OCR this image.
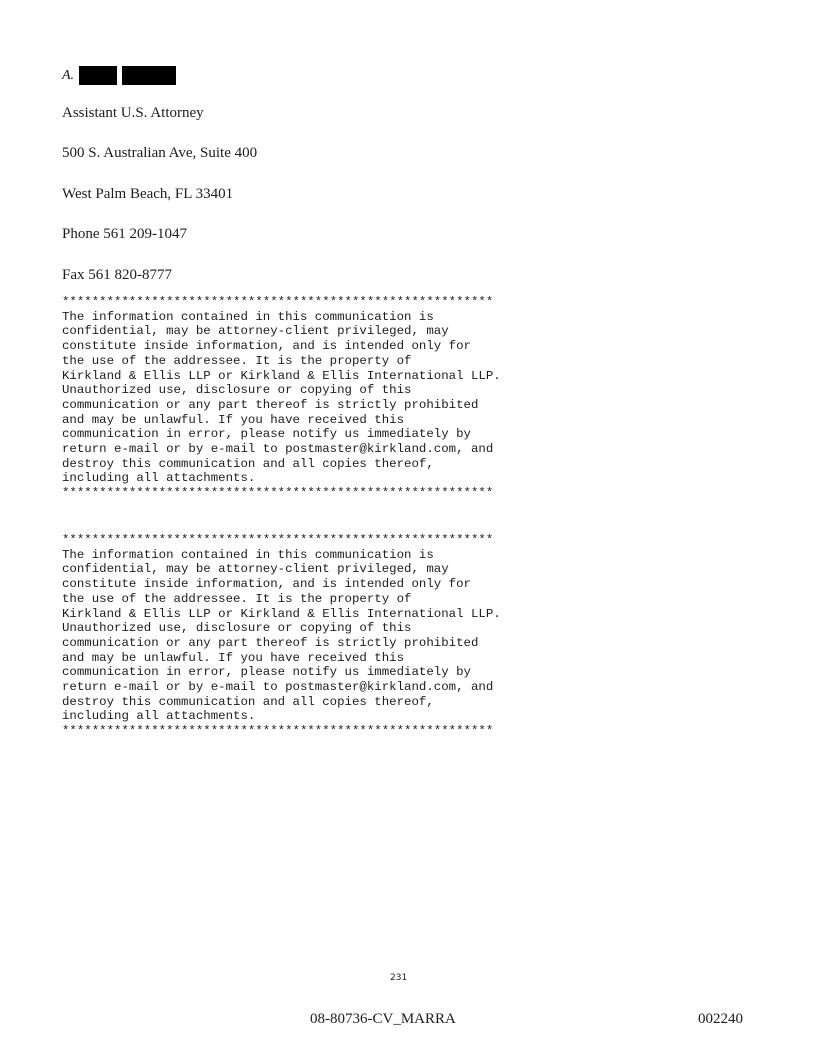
A.
Assistant U.S. Attorney
500 S. Australian Ave, Suite 400
West Palm Beach, FL 33401
Phone 561 209-1047
Fax 561 820-8777
**********************************************************
The information contained in this communication is
confidential, may be attorney-client privileged, may
constitute inside information, and is intended only for
the use of the addressee. It is the property of
Kirkland & Ellis LLP or Kirkland & Ellis International LLP.
Unauthorized use, disclosure or copying of this
communication or any part thereof is strictly prohibited
and may be unlawful. If you have received this
communication in error, please notify us immediately by
return e-mail or by e-mail to postmaster@kirkland.com, and
destroy this communication and all copies thereof,
including all attachments.
**********************************************************
**********************************************************
The information contained in this communication is
confidential, may be attorney-client privileged, may
constitute inside information, and is intended only for
the use of the addressee. It is the property of
Kirkland & Ellis LLP or Kirkland & Ellis International LLP.
Unauthorized use, disclosure or copying of this
communication or any part thereof is strictly prohibited
and may be unlawful. If you have received this
communication in error, please notify us immediately by
return e-mail or by e-mail to postmaster@kirkland.com, and
destroy this communication and all copies thereof,
including all attachments.
**********************************************************
231
08-80736-CV_MARRA	002240
